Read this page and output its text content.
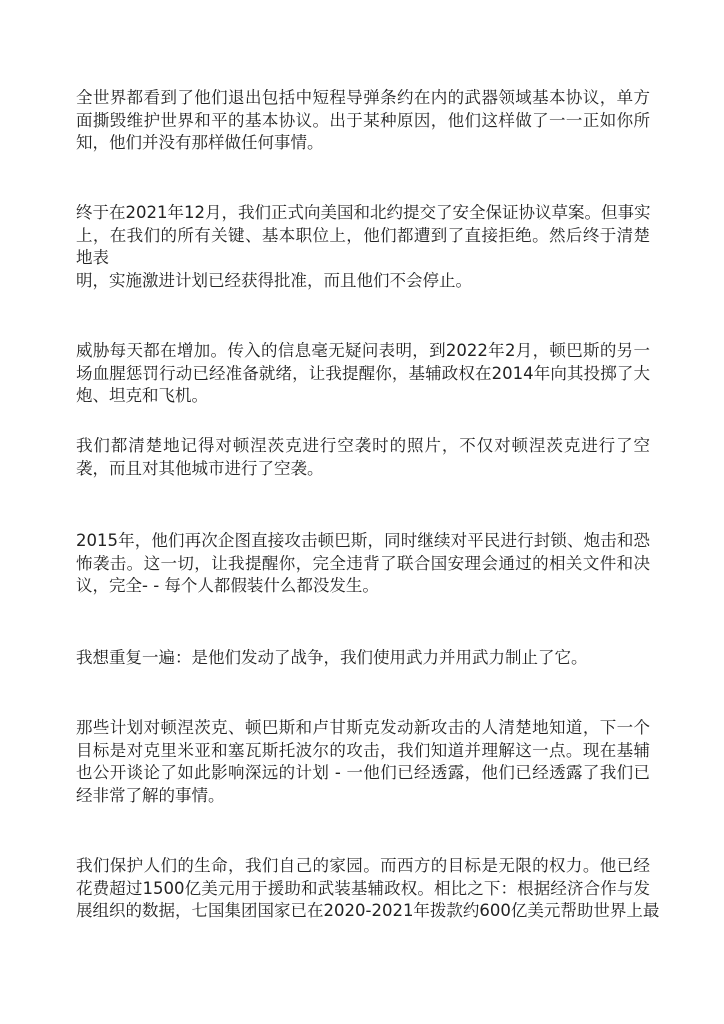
全世界都看到了他们退出包括中短程导弹条约在内的武器领域基本协议，单方
面撕毁维护世界和平的基本协议。出于某种原因，他们这样做了一一正如你所
知，他们并没有那样做任何事情。
终于在2021年12月，我们正式向美国和北约提交了安全保证协议草案。但事实
上，在我们的所有关键、基本职位上，他们都遭到了直接拒绝。然后终于清楚
地表
明，实施激进计划已经获得批准，而且他们不会停止。
威胁每天都在增加。传入的信息毫无疑问表明，到2022年2月，顿巴斯的另一
场血腥惩罚行动已经准备就绪，让我提醒你，基辅政权在2014年向其投掷了大
炮、坦克和飞机。
我们都清楚地记得对顿涅茨克进行空袭时的照片，不仅对顿涅茨克进行了空
袭，而且对其他城市进行了空袭。
2015年，他们再次企图直接攻击顿巴斯，同时继续对平民进行封锁、炮击和恐
怖袭击。这一切，让我提醒你，完全违背了联合国安理会通过的相关文件和决
议，完全- - 每个人都假装什么都没发生。
我想重复一遍：是他们发动了战争，我们使用武力并用武力制止了它。
那些计划对顿涅茨克、顿巴斯和卢甘斯克发动新攻击的人清楚地知道，下一个
目标是对克里米亚和塞瓦斯托波尔的攻击，我们知道并理解这一点。现在基辅
也公开谈论了如此影响深远的计划 - 一他们已经透露，他们已经透露了我们已
经非常了解的事情。
我们保护人们的生命，我们自己的家园。而西方的目标是无限的权力。他已经
花费超过1500亿美元用于援助和武装基辅政权。相比之下：根据经济合作与发
展组织的数据，七国集团国家已在2020-2021年拨款约600亿美元帮助世界上最
